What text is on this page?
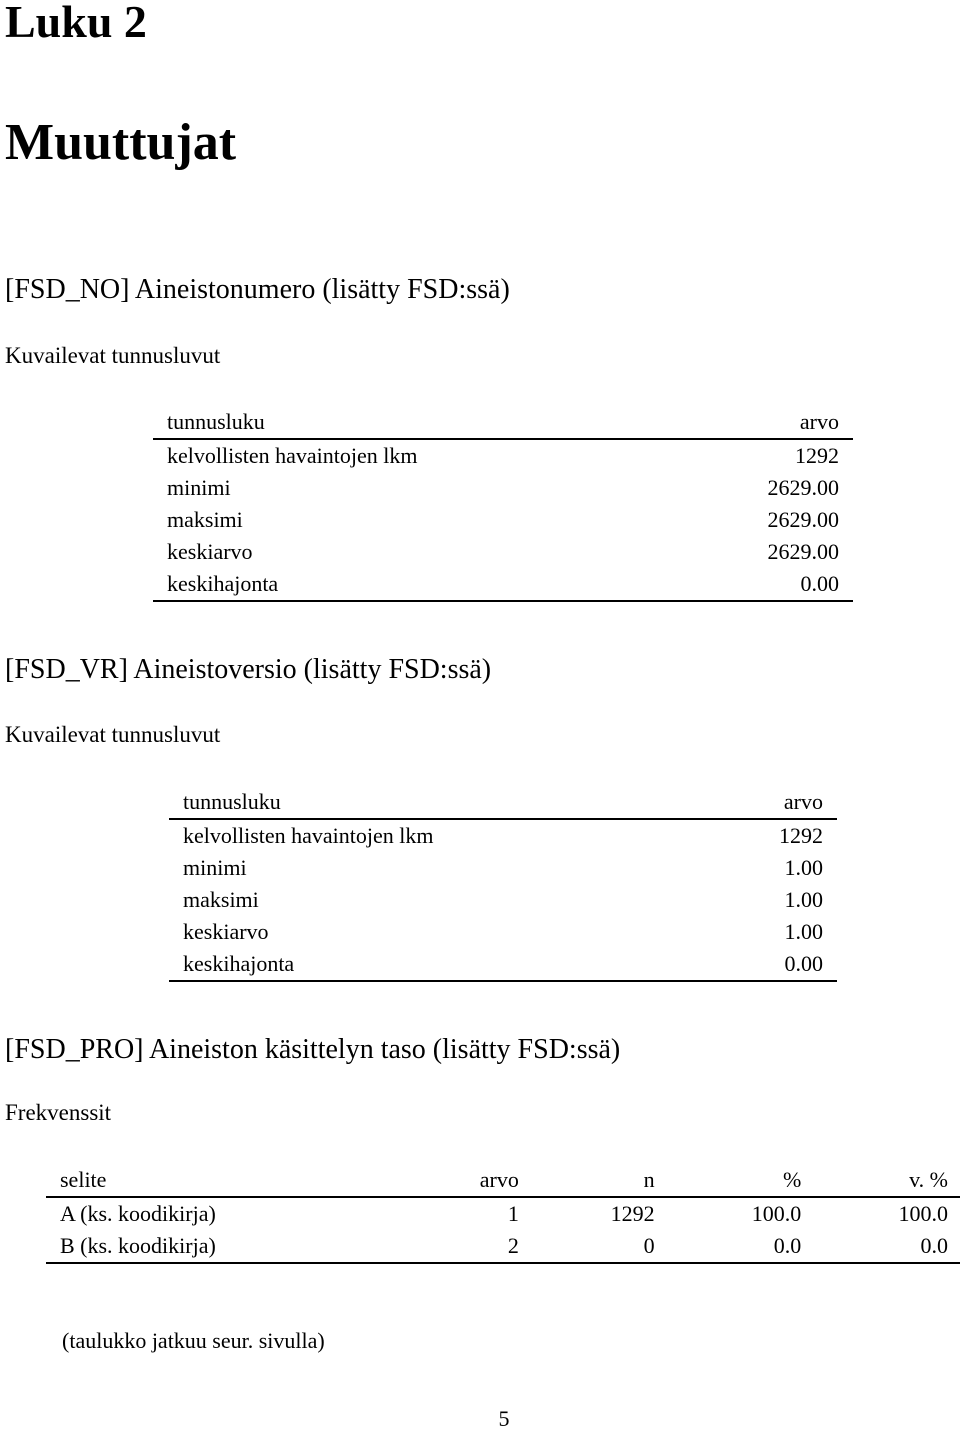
Luku 2
Muuttujat
[FSD_NO] Aineistonumero (lisätty FSD:ssä)
Kuvailevat tunnusluvut
tunnusluku	arvo
kelvollisten havaintojen lkm	1292
minimi	2629.00
maksimi	2629.00
keskiarvo	2629.00
keskihajonta	0.00
[FSD_VR] Aineistoversio (lisätty FSD:ssä)
Kuvailevat tunnusluvut
tunnusluku	arvo
kelvollisten havaintojen lkm	1292
minimi	1.00
maksimi	1.00
keskiarvo	1.00
keskihajonta	0.00
[FSD_PRO] Aineiston käsittelyn taso (lisätty FSD:ssä)
Frekvenssit
selite	arvo	n	%	v. %
A (ks. koodikirja)	1	1292	100.0	100.0
B (ks. koodikirja)	2	0	0.0	0.0
(taulukko jatkuu seur. sivulla)
5
